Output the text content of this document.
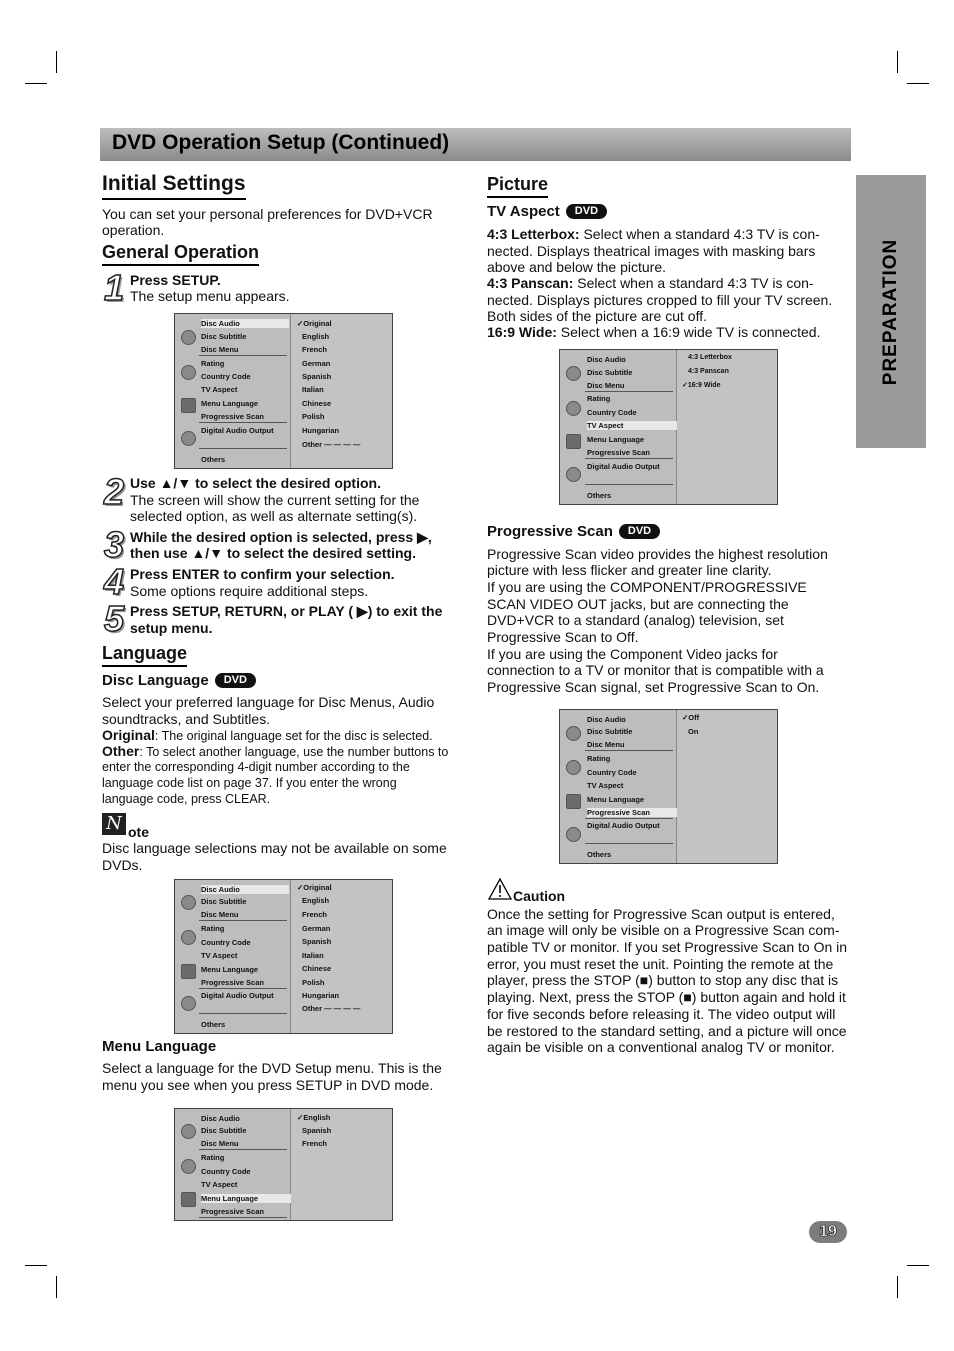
DVD Operation Setup (Continued)
PREPARATION
Initial Settings
You can set your personal preferences for DVD+VCR
operation.
General Operation
1 Press SETUP.
The setup menu appears.
Disc Audio
Disc Subtitle
Disc Menu
Rating
Country Code
TV Aspect
Menu Language
Progressive Scan
Digital Audio Output
Others
✓Original
English
French
German
Spanish
Italian
Chinese
Polish
Hungarian
Other — — — —
2 Use ▲/▼ to select the desired option.
The screen will show the current setting for the
selected option, as well as alternate setting(s).
3 While the desired option is selected, press ▶,
then use ▲/▼ to select the desired setting.
4 Press ENTER to confirm your selection.
Some options require additional steps.
5 Press SETUP, RETURN, or PLAY ( ▶) to exit the
setup menu.
Language
Disc Language DVD
Select your preferred language for Disc Menus, Audio
soundtracks, and Subtitles.
Original: The original language set for the disc is selected.
Other: To select another language, use the number buttons to
enter the corresponding 4-digit number according to the
language code list on page 37. If you enter the wrong
language code, press CLEAR.
N ote
Disc language selections may not be available on some
DVDs.
Disc Audio
Disc Subtitle
Disc Menu
Rating
Country Code
TV Aspect
Menu Language
Progressive Scan
Digital Audio Output
Others
✓Original
English
French
German
Spanish
Italian
Chinese
Polish
Hungarian
Other — — — —
Menu Language
Select a language for the DVD Setup menu. This is the
menu you see when you press SETUP in DVD mode.
Disc Audio
Disc Subtitle
Disc Menu
Rating
Country Code
TV Aspect
Menu Language
Progressive Scan
✓English
Spanish
French
Picture
TV Aspect DVD
4:3 Letterbox: Select when a standard 4:3 TV is con-
nected. Displays theatrical images with masking bars
above and below the picture.
4:3 Panscan: Select when a standard 4:3 TV is con-
nected. Displays pictures cropped to fill your TV screen.
Both sides of the picture are cut off.
16:9 Wide: Select when a 16:9 wide TV is connected.
Disc Audio
Disc Subtitle
Disc Menu
Rating
Country Code
TV Aspect
Menu Language
Progressive Scan
Digital Audio Output
Others
4:3 Letterbox
4:3 Panscan
✓16:9 Wide
Progressive Scan DVD
Progressive Scan video provides the highest resolution
picture with less flicker and greater line clarity.
If you are using the COMPONENT/PROGRESSIVE
SCAN VIDEO OUT jacks, but are connecting the
DVD+VCR to a standard (analog) television, set
Progressive Scan to Off.
If you are using the Component Video jacks for
connection to a TV or monitor that is compatible with a
Progressive Scan signal, set Progressive Scan to On.
Disc Audio
Disc Subtitle
Disc Menu
Rating
Country Code
TV Aspect
Menu Language
Progressive Scan
Digital Audio Output
Others
✓Off
On
Caution
Once the setting for Progressive Scan output is entered,
an image will only be visible on a Progressive Scan com-
patible TV or monitor. If you set Progressive Scan to On in
error, you must reset the unit. Pointing the remote at the
player, press the STOP (■) button to stop any disc that is
playing. Next, press the STOP (■) button again and hold it
for five seconds before releasing it. The video output will
be restored to the standard setting, and a picture will once
again be visible on a conventional analog TV or monitor.
19
